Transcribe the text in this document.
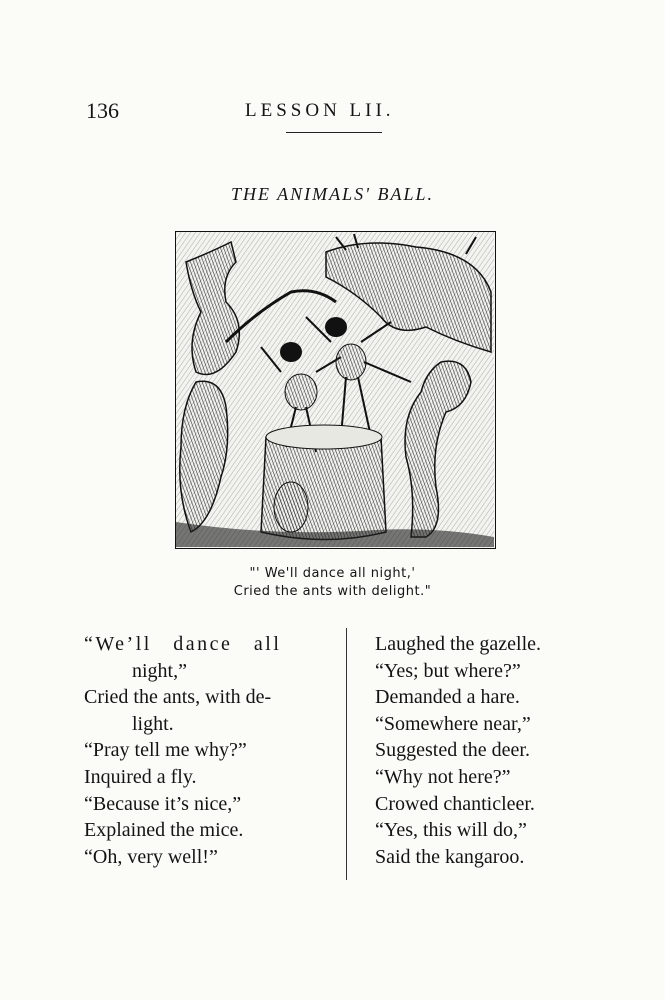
136	LESSON LII.
THE ANIMALS' BALL.
"' We'll dance all night,'
Cried the ants with delight."
“We’ll dance all
night,”
Cried the ants, with de-
light.
“Pray tell me why?”
Inquired a fly.
“Because it’s nice,”
Explained the mice.
“Oh, very well!”
Laughed the gazelle.
“Yes; but where?”
Demanded a hare.
“Somewhere near,”
Suggested the deer.
“Why not here?”
Crowed chanticleer.
“Yes, this will do,”
Said the kangaroo.
